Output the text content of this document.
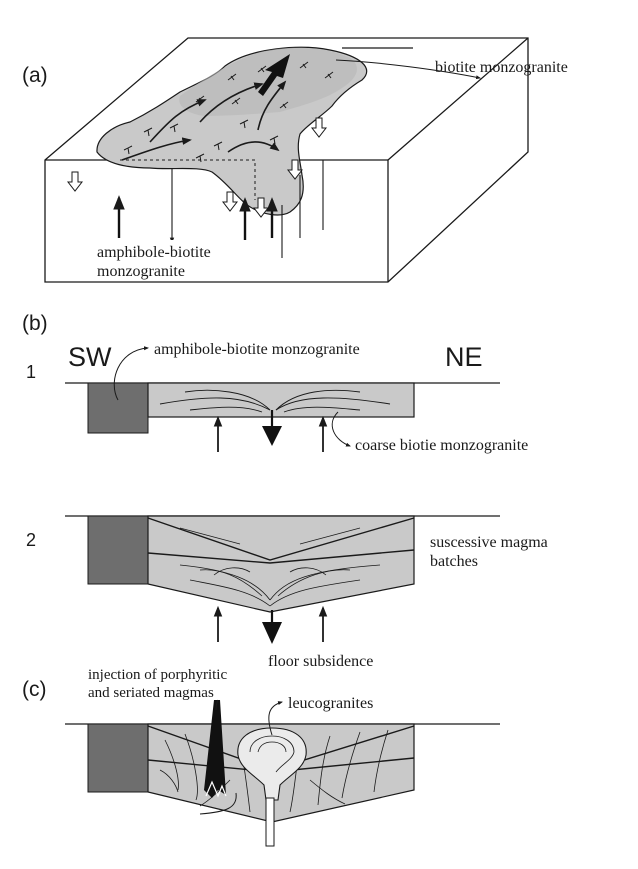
(a)	biotite monzogranite
amphibole-biotite
monzogranite
(b)
SW	NE
1
amphibole-biotite monzogranite
coarse biotie monzogranite
2	suscessive magma
batches
floor subsidence
(c)
injection of porphyritic
and seriated magmas
leucogranites
